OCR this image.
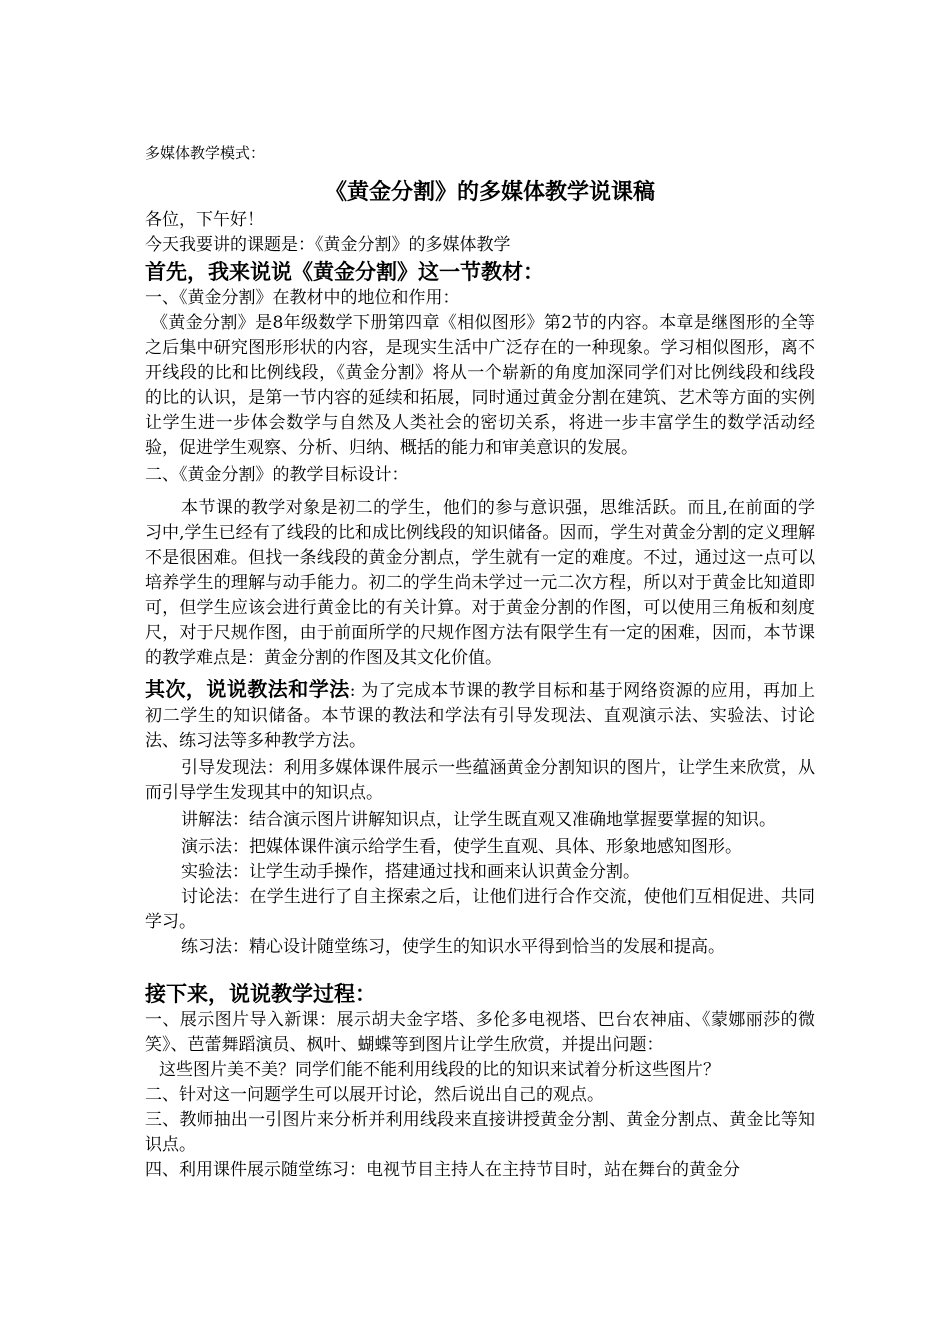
多媒体教学模式：

《黄金分割》的多媒体教学说课稿

各位，下午好！

今天我要讲的课题是：《黄金分割》的多媒体教学

首先，我来说说《黄金分割》这一节教材：

一、《黄金分割》在教材中的地位和作用：

《黄金分割》是8年级数学下册第四章《相似图形》第2节的内容。本章是继图形的全等之后集中研究图形形状的内容，是现实生活中广泛存在的一种现象。学习相似图形，离不开线段的比和比例线段，《黄金分割》将从一个崭新的角度加深同学们对比例线段和线段的比的认识，是第一节内容的延续和拓展，同时通过黄金分割在建筑、艺术等方面的实例让学生进一步体会数学与自然及人类社会的密切关系，将进一步丰富学生的数学活动经验，促进学生观察、分析、归纳、概括的能力和审美意识的发展。

二、《黄金分割》的教学目标设计：

本节课的教学对象是初二的学生，他们的参与意识强，思维活跃。而且,在前面的学习中,学生已经有了线段的比和成比例线段的知识储备。因而，学生对黄金分割的定义理解不是很困难。但找一条线段的黄金分割点，学生就有一定的难度。不过，通过这一点可以培养学生的理解与动手能力。初二的学生尚未学过一元二次方程，所以对于黄金比知道即可，但学生应该会进行黄金比的有关计算。对于黄金分割的作图，可以使用三角板和刻度尺，对于尺规作图，由于前面所学的尺规作图方法有限学生有一定的困难，因而，本节课的教学难点是：黄金分割的作图及其文化价值。

其次，说说教法和学法: 为了完成本节课的教学目标和基于网络资源的应用，再加上初二学生的知识储备。本节课的教法和学法有引导发现法、直观演示法、实验法、讨论法、练习法等多种教学方法。

引导发现法：利用多媒体课件展示一些蕴涵黄金分割知识的图片，让学生来欣赏，从而引导学生发现其中的知识点。

讲解法：结合演示图片讲解知识点，让学生既直观又准确地掌握要掌握的知识。

演示法：把媒体课件演示给学生看，使学生直观、具体、形象地感知图形。

实验法：让学生动手操作，搭建通过找和画来认识黄金分割。

讨论法：在学生进行了自主探索之后，让他们进行合作交流，使他们互相促进、共同学习。

练习法：精心设计随堂练习，使学生的知识水平得到恰当的发展和提高。

接下来，说说教学过程：

一、展示图片导入新课：展示胡夫金字塔、多伦多电视塔、巴台农神庙、《蒙娜丽莎的微笑》、芭蕾舞蹈演员、枫叶、蝴蝶等到图片让学生欣赏，并提出问题：

这些图片美不美？同学们能不能利用线段的比的知识来试着分析这些图片？

二、针对这一问题学生可以展开讨论，然后说出自己的观点。

三、教师抽出一引图片来分析并利用线段来直接讲授黄金分割、黄金分割点、黄金比等知识点。

四、利用课件展示随堂练习：电视节目主持人在主持节目时，站在舞台的黄金分
